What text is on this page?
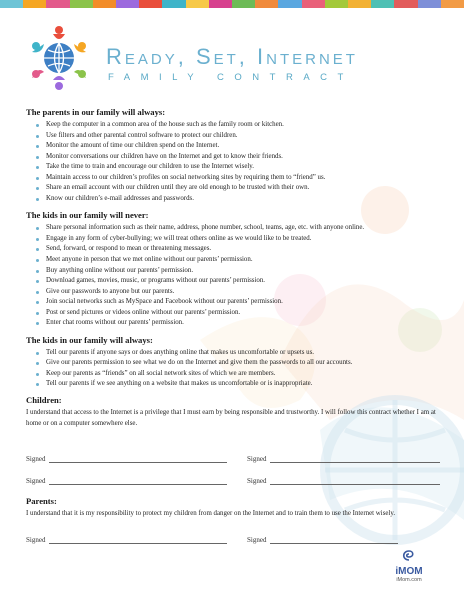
Ready, Set, Internet
FAMILY CONTRACT
The parents in our family will always:
Keep the computer in a common area of the house such as the family room or kitchen.
Use filters and other parental control software to protect our children.
Monitor the amount of time our children spend on the Internet.
Monitor conversations our children have on the Internet and get to know their friends.
Take the time to train and encourage our children to use the Internet wisely.
Maintain access to our children’s profiles on social networking sites by requiring them to “friend” us.
Share an email account with our children until they are old enough to be trusted with their own.
Know our children’s e-mail addresses and passwords.
The kids in our family will never:
Share personal information such as their name, address, phone number, school, teams, age, etc. with anyone online.
Engage in any form of cyber-bullying; we will treat others online as we would like to be treated.
Send, forward, or respond to mean or threatening messages.
Meet anyone in person that we met online without our parents’ permission.
Buy anything online without our parents’ permission.
Download games, movies, music, or programs without our parents’ permission.
Give our passwords to anyone but our parents.
Join social networks such as MySpace and Facebook without our parents’ permission.
Post or send pictures or videos online without our parents’ permission.
Enter chat rooms without our parents’ permission.
The kids in our family will always:
Tell our parents if anyone says or does anything online that makes us uncomfortable or upsets us.
Give our parents permission to see what we do on the Internet and give them the passwords to all our accounts.
Keep our parents as “friends” on all social network sites of which we are members.
Tell our parents if we see anything on a website that makes us uncomfortable or is inappropriate.
Children:

I understand that access to the Internet is a privilege that I must earn by being responsible and trustworthy. I will follow this contract whether I am at home or on a computer somewhere else.

Signed	Signed
Signed	Signed
Parents:

I understand that it is my responsibility to protect my children from danger on the Internet and to train them to use the Internet wisely.

Signed	Signed
iMOM
iMom.com
